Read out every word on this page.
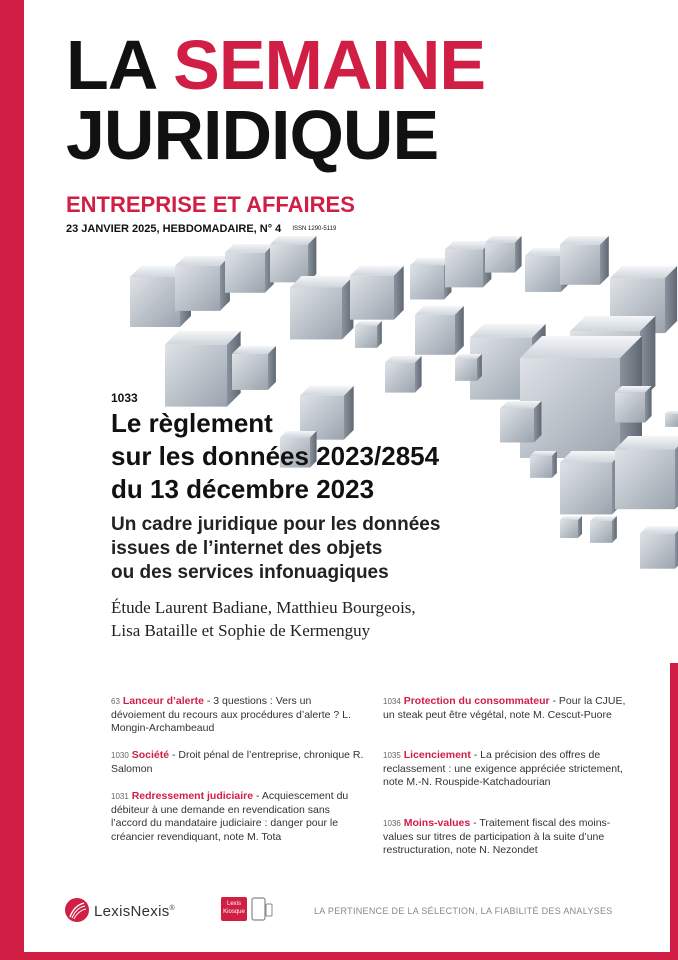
LA SEMAINE
JURIDIQUE
ENTREPRISE ET AFFAIRES
23 JANVIER 2025, HEBDOMADAIRE, N° 4 ISSN 1290-5119
1033
Le règlement
sur les données 2023/2854
du 13 décembre 2023
Un cadre juridique pour les données
issues de l’internet des objets
ou des services infonuagiques
Étude Laurent Badiane, Matthieu Bourgeois,
Lisa Bataille et Sophie de Kermenguy
63 Lanceur d’alerte - 3 questions : Vers un dévoiement du recours aux procédures d’alerte ? L. Mongin-Archambeaud
1030 Société - Droit pénal de l’entreprise, chronique R. Salomon
1031 Redressement judiciaire - Acquiescement du débiteur à une demande en revendication sans l’accord du mandataire judiciaire : danger pour le créancier revendiquant, note M. Tota
1034 Protection du consommateur - Pour la CJUE, un steak peut être végétal, note M. Cescut-Puore
1035 Licenciement - La précision des offres de reclassement : une exigence appréciée strictement, note M.-N. Rouspide-Katchadourian
1036 Moins-values - Traitement fiscal des moins-values sur titres de participation à la suite d’une restructuration, note N. Nezondet
LexisNexis®
Lexis
Kiosque	LA PERTINENCE DE LA SÉLECTION, LA FIABILITÉ DES ANALYSES
